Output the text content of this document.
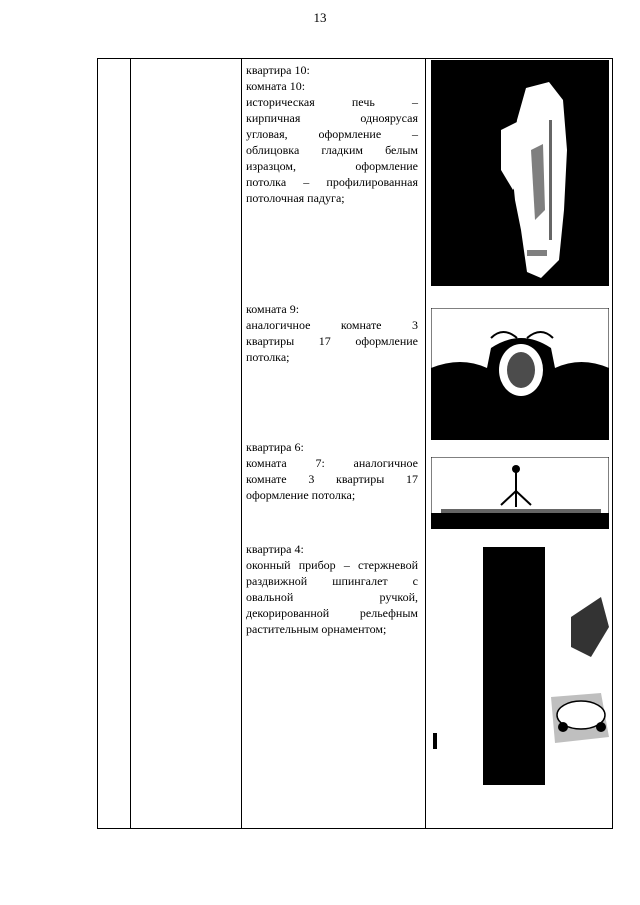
13
квартира 10:
комната 10:
историческая печь –
кирпичная одноярусая
угловая, оформление –
облицовка гладким белым
изразцом, оформление
потолка – профилированная
потолочная падуга;
комната 9:
аналогичное комнате 3
квартиры 17 оформление
потолка;
квартира 6:
комната 7: аналогичное
комнате 3 квартиры 17
оформление потолка;
квартира 4:
оконный прибор – стержневой
раздвижной шпингалет с
овальной ручкой,
декорированной рельефным
растительным орнаментом;
